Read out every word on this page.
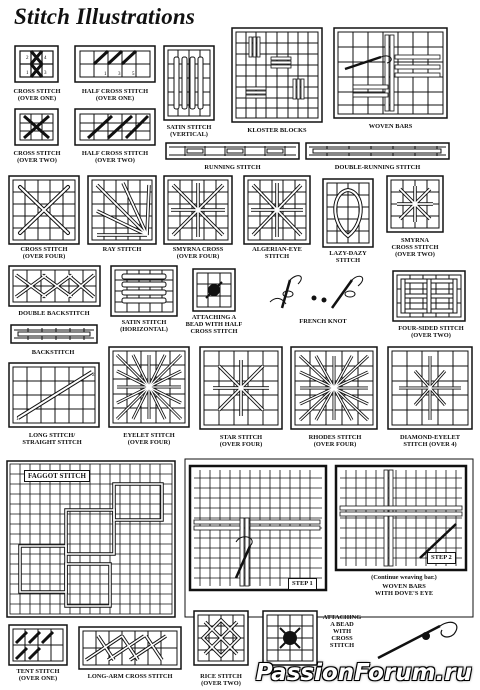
Stitch Illustrations
2	4
1	3
CROSS STITCH
(OVER ONE)
1 3 5
HALF CROSS STITCH
(OVER ONE)
CROSS STITCH
(OVER TWO)
HALF CROSS STITCH
(OVER TWO)
SATIN STITCH
(VERTICAL)
KLOSTER BLOCKS
WOVEN BARS
RUNNING STITCH	DOUBLE-RUNNING STITCH
CROSS STITCH
(OVER FOUR)
RAY STITCH	SMYRNA CROSS
(OVER FOUR)
ALGERIAN-EYE
STITCH	LAZY-DAZY
STITCH
SMYRNA
CROSS STITCH
(OVER TWO)
DOUBLE BACKSTITCH
SATIN STITCH
(HORIZONTAL)
ATTACHING A
BEAD WITH HALF
CROSS STITCH
FRENCH KNOT
FOUR-SIDED STITCH
(OVER TWO)
BACKSTITCH
2
1
LONG STITCH/
STRAIGHT STITCH
EYELET STITCH
(OVER FOUR)
STAR STITCH
(OVER FOUR)
RHODES STITCH
(OVER FOUR)
DIAMOND-EYELET
STITCH (OVER 4)
FAGGOT STITCH
STEP 1
STEP 2
(Continue weaving bar.)
WOVEN BARS
WITH DOVE'S EYE
TENT STITCH
(OVER ONE)	LONG-ARM CROSS STITCH	RICE STITCH
(OVER TWO)
ATTACHING
A BEAD
WITH
CROSS
STITCH
PassionForum.ru
